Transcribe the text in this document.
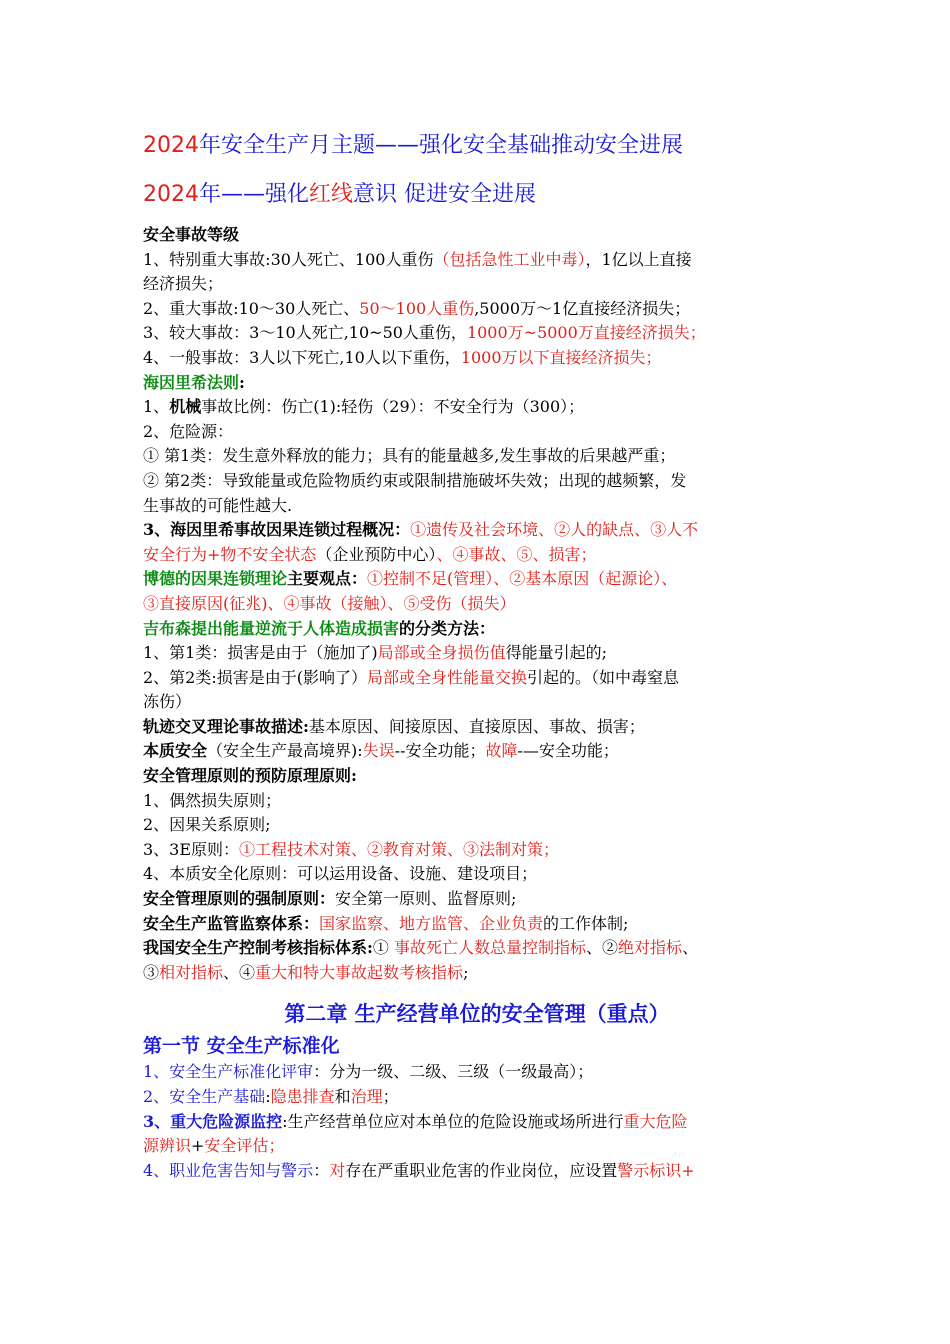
2024年安全生产月主题——强化安全基础推动安全进展

2024年——强化红线意识 促进安全进展

安全事故等级

1、特别重大事故:30人死亡、100人重伤（包括急性工业中毒），1亿以上直接

经济损失；

2、重大事故:10～30人死亡、50～100人重伤,5000万～1亿直接经济损失；

3、较大事故：3～10人死亡,10~50人重伤，1000万~5000万直接经济损失；

4、一般事故：3人以下死亡,10人以下重伤，1000万以下直接经济损失；

海因里希法则:

1、机械事故比例：伤亡(1):轻伤（29）：不安全行为（300）；

2、危险源：

① 第1类：发生意外释放的能力；具有的能量越多,发生事故的后果越严重；

② 第2类：导致能量或危险物质约束或限制措施破坏失效；出现的越频繁，发

生事故的可能性越大.

3、海因里希事故因果连锁过程概况：①遗传及社会环境、②人的缺点、③人不

安全行为+物不安全状态（企业预防中心）、④事故、⑤、损害；

博德的因果连锁理论主要观点：①控制不足(管理）、②基本原因（起源论）、

③直接原因(征兆)、④事故（接触）、⑤受伤（损失）

吉布森提出能量逆流于人体造成损害的分类方法：

1、第1类：损害是由于（施加了)局部或全身损伤值得能量引起的;

2、第2类:损害是由于(影响了）局部或全身性能量交换引起的。（如中毒窒息

冻伤）

轨迹交叉理论事故描述:基本原因、间接原因、直接原因、事故、损害；

本质安全（安全生产最高境界):失误--安全功能；故障-—安全功能；

安全管理原则的预防原理原则:

1、偶然损失原则；

2、因果关系原则;

3、3E原则：①工程技术对策、②教育对策、③法制对策；

4、本质安全化原则：可以运用设备、设施、建设项目；

安全管理原则的强制原则：安全第一原则、监督原则;

安全生产监管监察体系：国家监察、地方监管、企业负责的工作体制;

我国安全生产控制考核指标体系:① 事故死亡人数总量控制指标、②绝对指标、

③相对指标、④重大和特大事故起数考核指标;

第二章 生产经营单位的安全管理（重点）

第一节 安全生产标准化

1、安全生产标准化评审：分为一级、二级、三级（一级最高）；

2、安全生产基础:隐患排查和治理；

3、重大危险源监控:生产经营单位应对本单位的危险设施或场所进行重大危险

源辨识+安全评估；

4、职业危害告知与警示：对存在严重职业危害的作业岗位，应设置警示标识+
